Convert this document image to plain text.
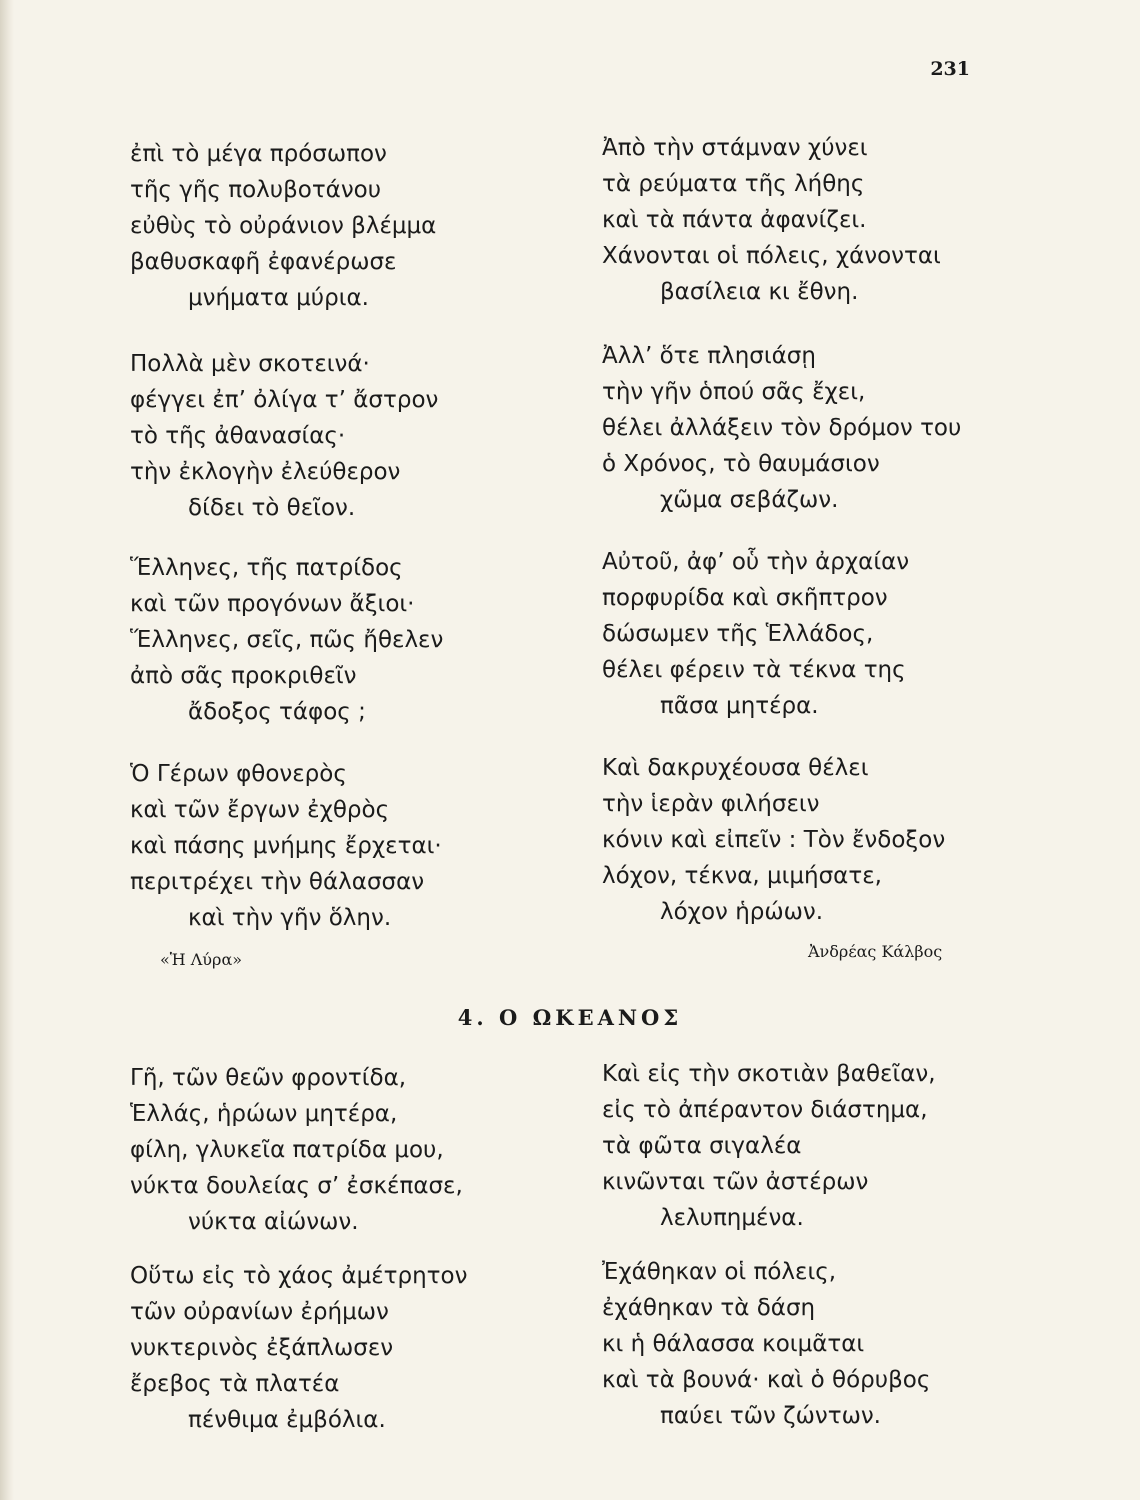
231
ἐπὶ τὸ μέγα πρόσωπον
τῆς γῆς πολυβοτάνου
εὐθὺς τὸ οὐράνιον βλέμμα
βαθυσκαφῆ ἐφανέρωσε
μνήματα μύρια.
Πολλὰ μὲν σκοτεινά·
φέγγει ἐπ’ ὀλίγα τ’ ἄστρον
τὸ τῆς ἀθανασίας·
τὴν ἐκλογὴν ἐλεύθερον
δίδει τὸ θεῖον.
Ἕλληνες, τῆς πατρίδος
καὶ τῶν προγόνων ἄξιοι·
Ἕλληνες, σεῖς, πῶς ἤθελεν
ἀπὸ σᾶς προκριθεῖν
ἄδοξος τάφος ;
Ὁ Γέρων φθονερὸς
καὶ τῶν ἔργων ἐχθρὸς
καὶ πάσης μνήμης ἔρχεται·
περιτρέχει τὴν θάλασσαν
καὶ τὴν γῆν ὅλην.
Ἀπὸ τὴν στάμναν χύνει
τὰ ρεύματα τῆς λήθης
καὶ τὰ πάντα ἀφανίζει.
Χάνονται οἱ πόλεις, χάνονται
βασίλεια κι ἔθνη.
Ἀλλ’ ὅτε πλησιάσῃ
τὴν γῆν ὁπού σᾶς ἔχει,
θέλει ἀλλάξειν τὸν δρόμον του
ὁ Χρόνος, τὸ θαυμάσιον
χῶμα σεβάζων.
Αὐτοῦ, ἀφ’ οὗ τὴν ἀρχαίαν
πορφυρίδα καὶ σκῆπτρον
δώσωμεν τῆς Ἑλλάδος,
θέλει φέρειν τὰ τέκνα της
πᾶσα μητέρα.
Καὶ δακρυχέουσα θέλει
τὴν ἱερὰν φιλήσειν
κόνιν καὶ εἰπεῖν : Τὸν ἔνδοξον
λόχον, τέκνα, μιμήσατε,
λόχον ἡρώων.
«Ἡ Λύρα»	Ἀνδρέας Κάλβος
4. Ο ΩΚΕΑΝΟΣ
Γῆ, τῶν θεῶν φροντίδα,
Ἑλλάς, ἡρώων μητέρα,
φίλη, γλυκεῖα πατρίδα μου,
νύκτα δουλείας σ’ ἐσκέπασε,
νύκτα αἰώνων.
Οὕτω εἰς τὸ χάος ἀμέτρητον
τῶν οὐρανίων ἐρήμων
νυκτερινὸς ἐξάπλωσεν
ἔρεβος τὰ πλατέα
πένθιμα ἐμβόλια.
Καὶ εἰς τὴν σκοτιὰν βαθεῖαν,
εἰς τὸ ἀπέραντον διάστημα,
τὰ φῶτα σιγαλέα
κινῶνται τῶν ἀστέρων
λελυπημένα.
Ἐχάθηκαν οἱ πόλεις,
ἐχάθηκαν τὰ δάση
κι ἡ θάλασσα κοιμᾶται
καὶ τὰ βουνά· καὶ ὁ θόρυβος
παύει τῶν ζώντων.
